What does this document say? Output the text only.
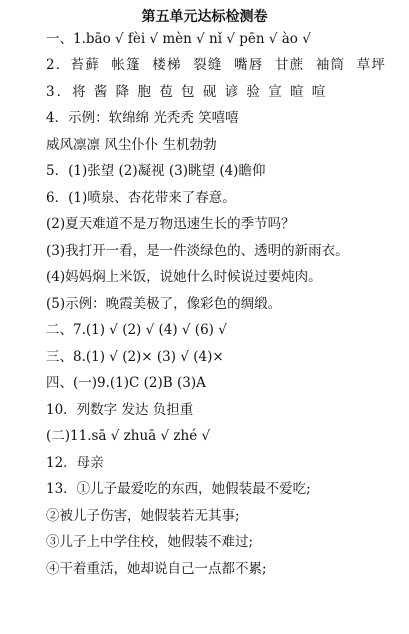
第五单元达标检测卷
一、1.bāo √ fèi √ mèn √ nǐ √ pēn √ ào √
2．苔藓 帐篷 楼梯 裂缝 嘴唇 甘蔗 袖筒 草坪
3．将 酱 降 胞 苞 包 砚 谚 验 宣 暄 喧
4．示例：软绵绵 光秃秃 笑嘻嘻
威风凛凛 风尘仆仆 生机勃勃
5．(1)张望 (2)凝视 (3)眺望 (4)瞻仰
6．(1)喷泉、杏花带来了春意。
(2)夏天难道不是万物迅速生长的季节吗？
(3)我打开一看，是一件淡绿色的、透明的新雨衣。
(4)妈妈焖上米饭，说她什么时候说过要炖肉。
(5)示例：晚霞美极了，像彩色的绸缎。
二、7.(1) √ (2) √ (4) √ (6) √
三、8.(1) √ (2)× (3) √ (4)×
四、(一)9.(1)C (2)B (3)A
10．列数字 发达 负担重
(二)11.sā √ zhuā √ zhé √
12．母亲
13．①儿子最爱吃的东西，她假装最不爱吃;
②被儿子伤害，她假装若无其事;
③儿子上中学住校，她假装不难过;
④干着重活，她却说自己一点都不累;
